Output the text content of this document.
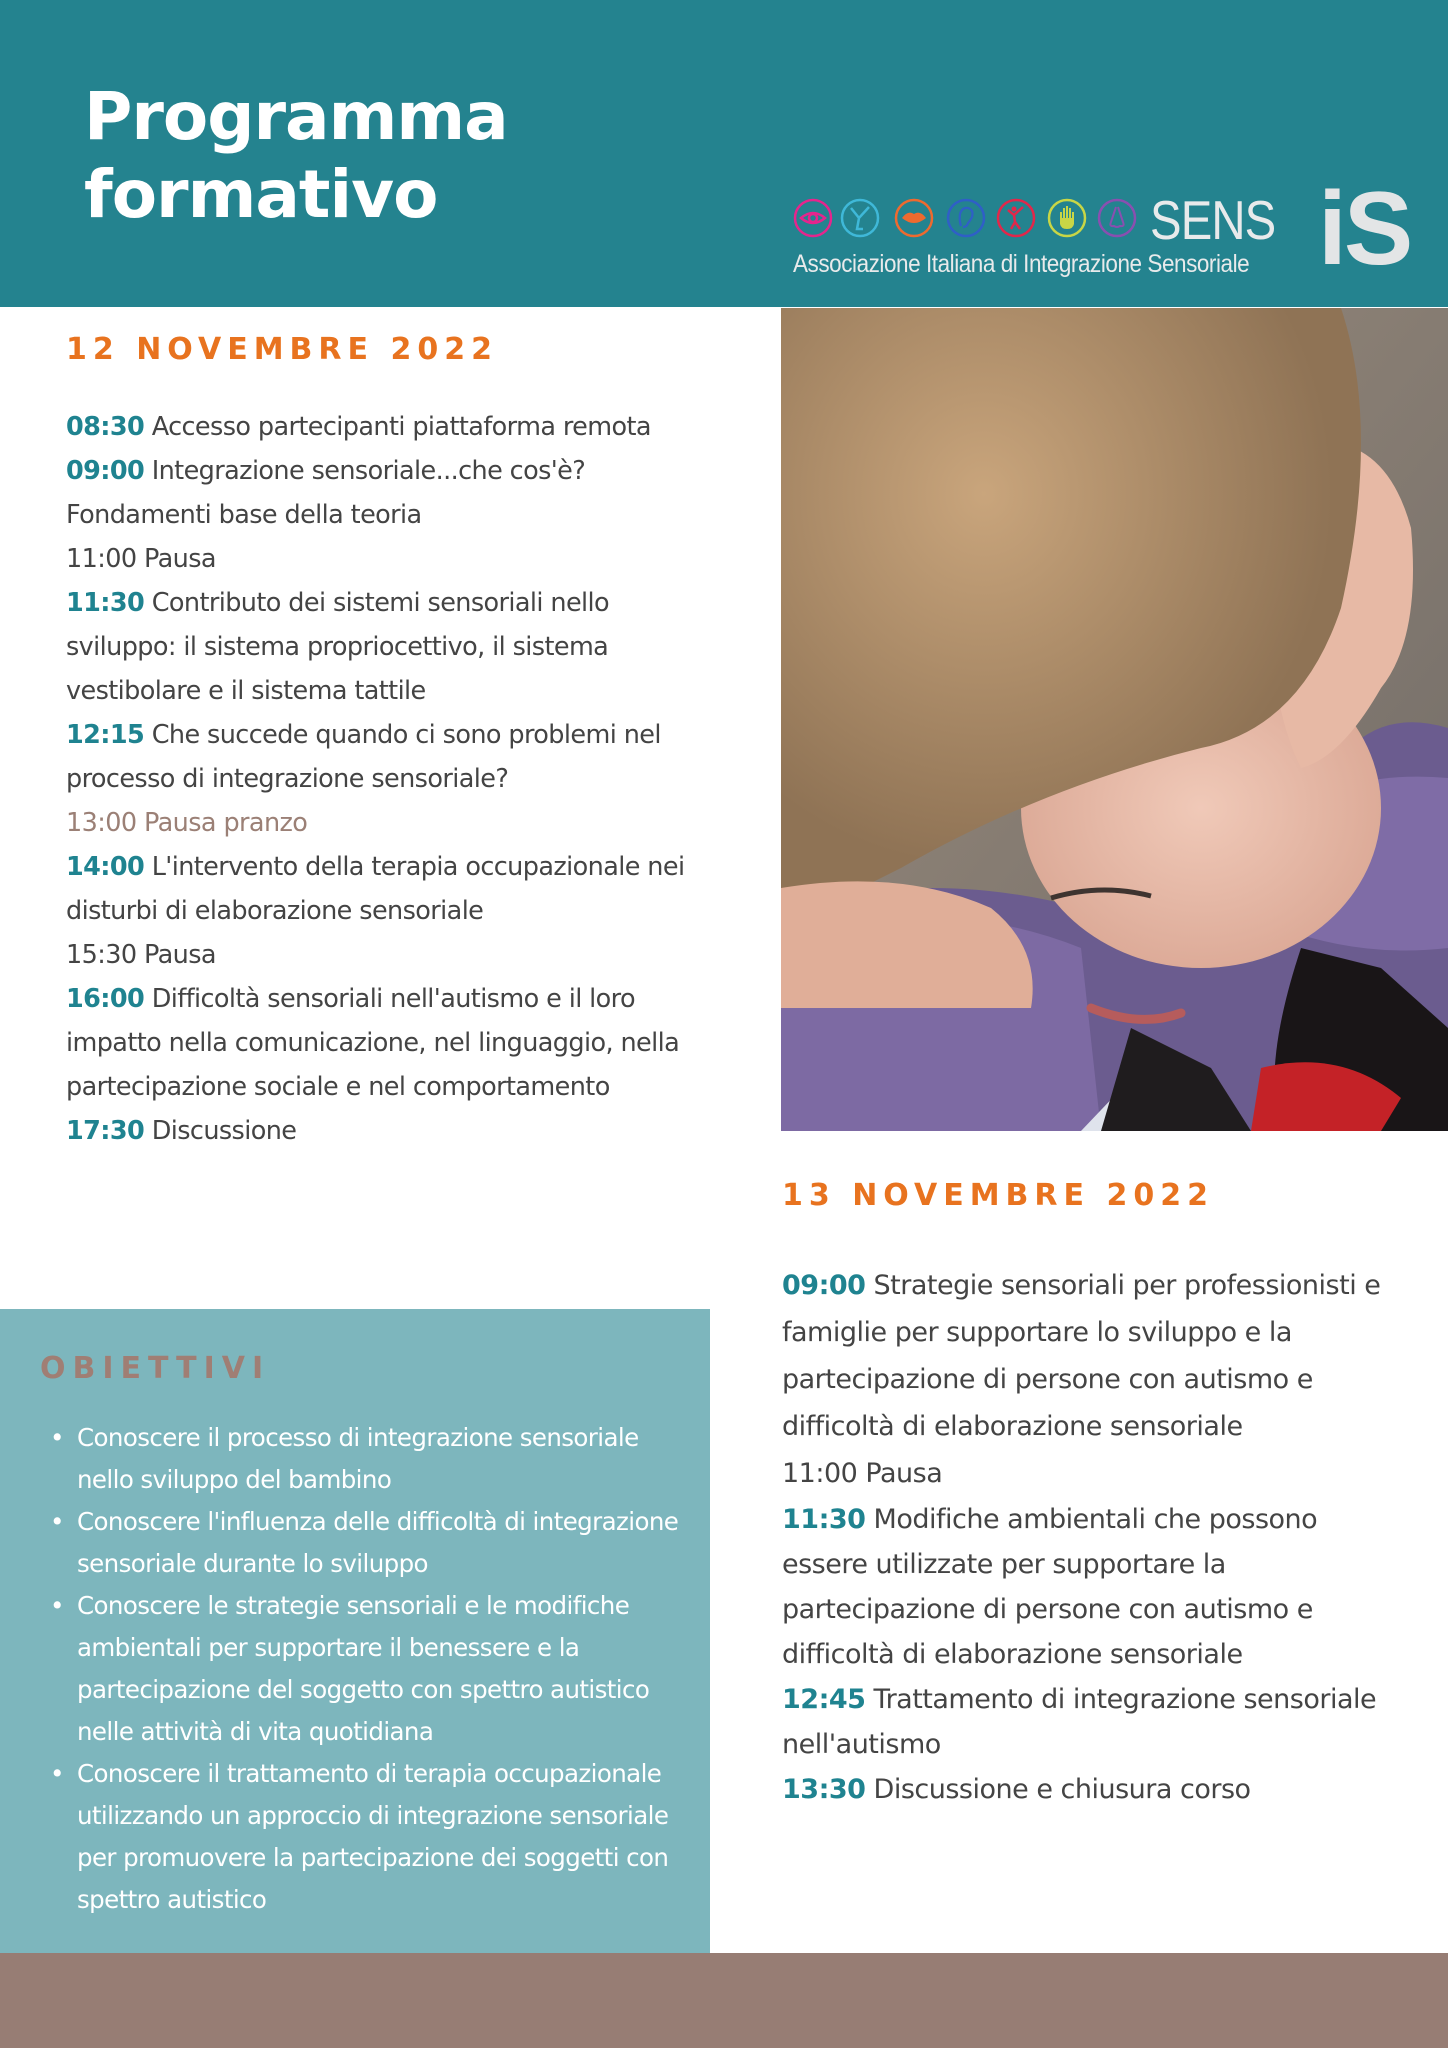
Programma
formativo	SENS iS
Associazione Italiana di Integrazione Sensoriale
12 NOVEMBRE 2022
08:30 Accesso partecipanti piattaforma remota
09:00 Integrazione sensoriale...che cos'è? Fondamenti base della teoria
11:00 Pausa
11:30 Contributo dei sistemi sensoriali nello sviluppo: il sistema propriocettivo, il sistema vestibolare e il sistema tattile
12:15 Che succede quando ci sono problemi nel processo di integrazione sensoriale?
13:00 Pausa pranzo
14:00 L'intervento della terapia occupazionale nei disturbi di elaborazione sensoriale
15:30 Pausa
16:00 Difficoltà sensoriali nell'autismo e il loro impatto nella comunicazione, nel linguaggio, nella partecipazione sociale e nel comportamento
17:30 Discussione
13 NOVEMBRE 2022
09:00 Strategie sensoriali per professionisti e famiglie per supportare lo sviluppo e la partecipazione di persone con autismo e difficoltà di elaborazione sensoriale
11:00 Pausa
11:30 Modifiche ambientali che possono essere utilizzate per supportare la partecipazione di persone con autismo e difficoltà di elaborazione sensoriale
12:45 Trattamento di integrazione sensoriale nell'autismo
13:30 Discussione e chiusura corso
OBIETTIVI
• Conoscere il processo di integrazione sensoriale nello sviluppo del bambino
• Conoscere l'influenza delle difficoltà di integrazione sensoriale durante lo sviluppo
• Conoscere le strategie sensoriali e le modifiche ambientali per supportare il benessere e la partecipazione del soggetto con spettro autistico nelle attività di vita quotidiana
• Conoscere il trattamento di terapia occupazionale utilizzando un approccio di integrazione sensoriale per promuovere la partecipazione dei soggetti con spettro autistico
